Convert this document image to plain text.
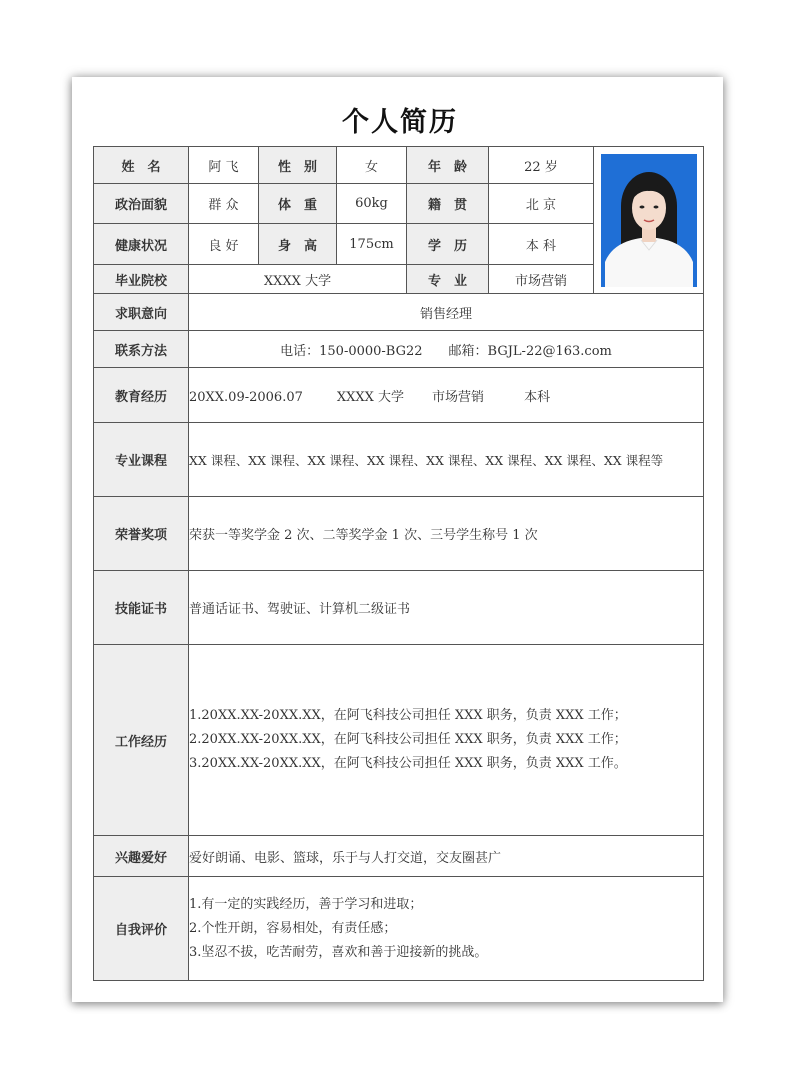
个人简历
姓　名	阿 飞	性　别	女	年　龄	22 岁	

政治面貌	群 众	体　重	60kg	籍　贯	北 京	
健康状况	良 好	身　高	175cm	学　历	本 科	
毕业院校	XXXX 大学			专　业	市场营销	
求职意向	销售经理					
联系方法	电话：150-0000-BG22　　邮箱：BGJL-22@163.com					
教育经历	20XX.09-2006.07 XXXX 大学 市场营销 本科					
专业课程	XX 课程、XX 课程、XX 课程、XX 课程、XX 课程、XX 课程、XX 课程、XX 课程等					
荣誉奖项	荣获一等奖学金 2 次、二等奖学金 1 次、三号学生称号 1 次					
技能证书	普通话证书、驾驶证、计算机二级证书					
工作经历	1.20XX.XX-20XX.XX，在阿飞科技公司担任 XXX 职务，负责 XXX 工作；
2.20XX.XX-20XX.XX，在阿飞科技公司担任 XXX 职务，负责 XXX 工作；
3.20XX.XX-20XX.XX，在阿飞科技公司担任 XXX 职务，负责 XXX 工作。					

兴趣爱好	爱好朗诵、电影、篮球，乐于与人打交道，交友圈甚广					
自我评价	1.有一定的实践经历，善于学习和进取；
2.个性开朗，容易相处，有责任感；
3.坚忍不拔，吃苦耐劳，喜欢和善于迎接新的挑战。					
